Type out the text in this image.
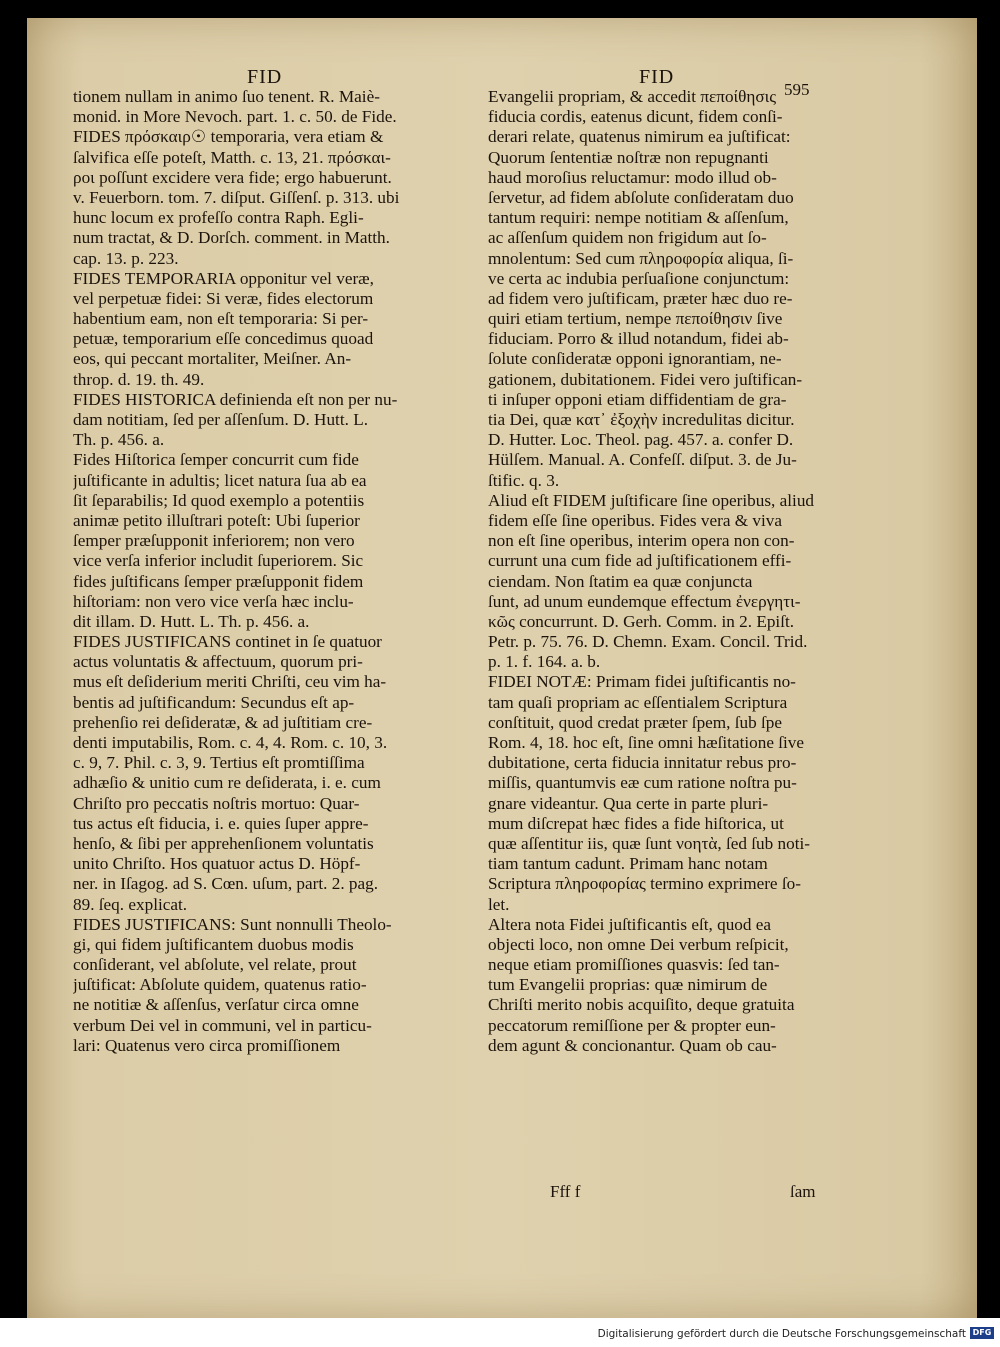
FID	FID
595
tionem nullam in animo ſuo tenent. R. Maiè-
monid. in More Nevoch. part. 1. c. 50. de Fide.
FIDES πρόσκαιρ☉ temporaria, vera etiam &
ſalvifica eſſe poteſt, Matth. c. 13, 21. πρόσκαι-
ροι poſſunt excidere vera fide; ergo habuerunt.
v. Feuerborn. tom. 7. diſput. Giſſenſ. p. 313. ubi
hunc locum ex profeſſo contra Raph. Egli-
num tractat, & D. Dorſch. comment. in Matth.
cap. 13. p. 223.
FIDES TEMPORARIA opponitur vel veræ,
vel perpetuæ fidei: Si veræ, fides electorum
habentium eam, non eſt temporaria: Si per-
petuæ, temporarium eſſe concedimus quoad
eos, qui peccant mortaliter, Meiſner. An-
throp. d. 19. th. 49.
FIDES HISTORICA definienda eſt non per nu-
dam notitiam, ſed per aſſenſum. D. Hutt. L.
Th. p. 456. a.
Fides Hiſtorica ſemper concurrit cum fide
juſtificante in adultis; licet natura ſua ab ea
ſit ſeparabilis; Id quod exemplo a potentiis
animæ petito illuſtrari poteſt: Ubi ſuperior
ſemper præſupponit inferiorem; non vero
vice verſa inferior includit ſuperiorem. Sic
fides juſtificans ſemper præſupponit fidem
hiſtoriam: non vero vice verſa hæc inclu-
dit illam. D. Hutt. L. Th. p. 456. a.
FIDES JUSTIFICANS continet in ſe quatuor
actus voluntatis & affectuum, quorum pri-
mus eſt deſiderium meriti Chriſti, ceu vim ha-
bentis ad juſtificandum: Secundus eſt ap-
prehenſio rei deſideratæ, & ad juſtitiam cre-
denti imputabilis, Rom. c. 4, 4. Rom. c. 10, 3.
c. 9, 7. Phil. c. 3, 9. Tertius eſt promtiſſima
adhæſio & unitio cum re deſiderata, i. e. cum
Chriſto pro peccatis noſtris mortuo: Quar-
tus actus eſt fiducia, i. e. quies ſuper appre-
henſo, & ſibi per apprehenſionem voluntatis
unito Chriſto. Hos quatuor actus D. Höpf-
ner. in Iſagog. ad S. Cœn. uſum, part. 2. pag.
89. ſeq. explicat.
FIDES JUSTIFICANS: Sunt nonnulli Theolo-
gi, qui fidem juſtificantem duobus modis
conſiderant, vel abſolute, vel relate, prout
juſtificat: Abſolute quidem, quatenus ratio-
ne notitiæ & aſſenſus, verſatur circa omne
verbum Dei vel in communi, vel in particu-
lari: Quatenus vero circa promiſſionem
Evangelii propriam, & accedit πεποίθησις
fiducia cordis, eatenus dicunt, fidem conſi-
derari relate, quatenus nimirum ea juſtificat:
Quorum ſententiæ noſtræ non repugnanti
haud moroſius reluctamur: modo illud ob-
ſervetur, ad fidem abſolute conſideratam duo
tantum requiri: nempe notitiam & aſſenſum,
ac aſſenſum quidem non frigidum aut ſo-
mnolentum: Sed cum πληροφορία aliqua, ſi-
ve certa ac indubia perſuaſione conjunctum:
ad fidem vero juſtificam, præter hæc duo re-
quiri etiam tertium, nempe πεποίθησιν ſive
fiduciam. Porro & illud notandum, fidei ab-
ſolute conſideratæ opponi ignorantiam, ne-
gationem, dubitationem. Fidei vero juſtifican-
ti inſuper opponi etiam diffidentiam de gra-
tia Dei, quæ κατ᾽ ἐξοχὴν incredulitas dicitur.
D. Hutter. Loc. Theol. pag. 457. a. confer D.
Hülſem. Manual. A. Confeſſ. diſput. 3. de Ju-
ſtific. q. 3.
Aliud eſt FIDEM juſtificare ſine operibus, aliud
fidem eſſe ſine operibus. Fides vera & viva
non eſt ſine operibus, interim opera non con-
currunt una cum fide ad juſtificationem effi-
ciendam. Non ſtatim ea quæ conjuncta
ſunt, ad unum eundemque effectum ἐνεργητι-
κῶς concurrunt. D. Gerh. Comm. in 2. Epiſt.
Petr. p. 75. 76. D. Chemn. Exam. Concil. Trid.
p. 1. f. 164. a. b.
FIDEI NOTÆ: Primam fidei juſtificantis no-
tam quaſi propriam ac eſſentialem Scriptura
conſtituit, quod credat præter ſpem, ſub ſpe
Rom. 4, 18. hoc eſt, ſine omni hæſitatione ſive
dubitatione, certa fiducia innitatur rebus pro-
miſſis, quantumvis eæ cum ratione noſtra pu-
gnare videantur. Qua certe in parte pluri-
mum diſcrepat hæc fides a fide hiſtorica, ut
quæ aſſentitur iis, quæ ſunt νοητὰ, ſed ſub noti-
tiam tantum cadunt. Primam hanc notam
Scriptura πληροφορίας termino exprimere ſo-
let.
Altera nota Fidei juſtificantis eſt, quod ea
objecti loco, non omne Dei verbum reſpicit,
neque etiam promiſſiones quasvis: ſed tan-
tum Evangelii proprias: quæ nimirum de
Chriſti merito nobis acquiſito, deque gratuita
peccatorum remiſſione per & propter eun-
dem agunt & concionantur. Quam ob cau-
Fff f	ſam
Digitalisierung gefördert durch die Deutsche Forschungsgemeinschaft DFG
